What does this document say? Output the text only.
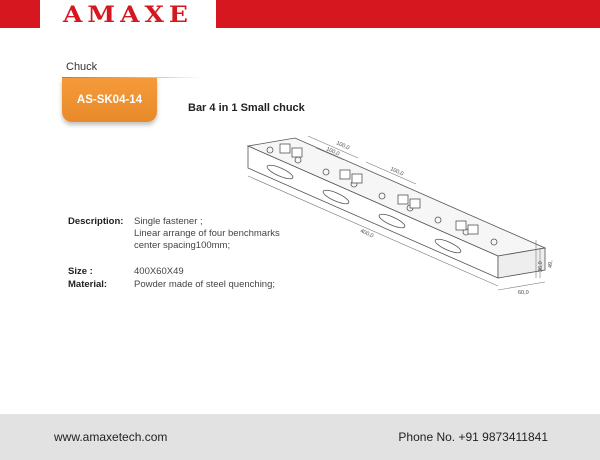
AMAXE
Chuck
AS-SK04-14
Bar 4 in 1 Small chuck
100,0
100,0
100,0
400,0
60,0
36,0 49,
Description: Single fastener ;
Linear arrange of four benchmarks
center spacing100mm;
Size :	400X60X49
Material:	Powder made of steel quenching;
www.amaxetech.com	Phone No. +91 9873411841
